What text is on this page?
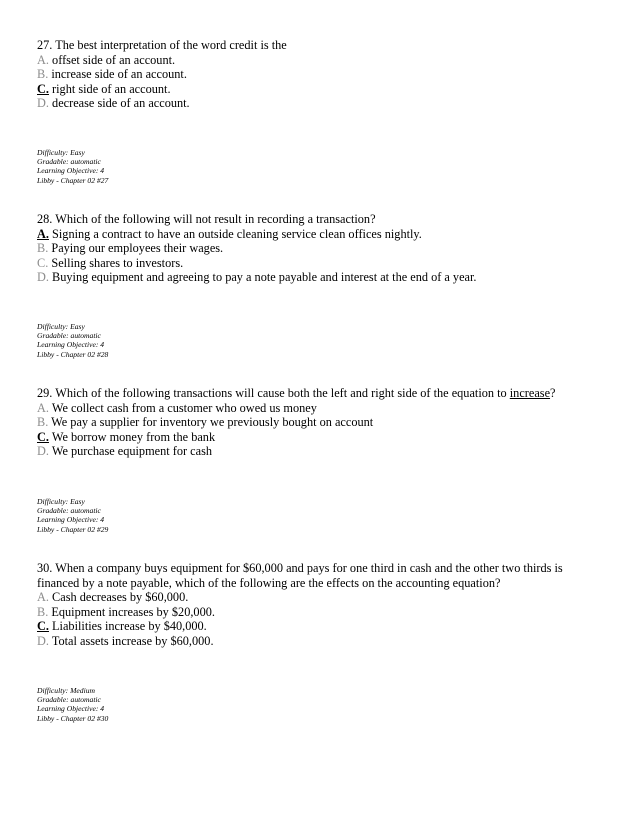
27. The best interpretation of the word credit is the

A. offset side of an account.

B. increase side of an account.

C. right side of an account.

D. decrease side of an account.

Difficulty: Easy
Gradable: automatic
Learning Objective: 4
Libby - Chapter 02 #27

28. Which of the following will not result in recording a transaction?

A. Signing a contract to have an outside cleaning service clean offices nightly.

B. Paying our employees their wages.

C. Selling shares to investors.

D. Buying equipment and agreeing to pay a note payable and interest at the end of a year.

Difficulty: Easy
Gradable: automatic
Learning Objective: 4
Libby - Chapter 02 #28

29. Which of the following transactions will cause both the left and right side of the equation to increase?

A. We collect cash from a customer who owed us money

B. We pay a supplier for inventory we previously bought on account

C. We borrow money from the bank

D. We purchase equipment for cash

Difficulty: Easy
Gradable: automatic
Learning Objective: 4
Libby - Chapter 02 #29

30. When a company buys equipment for $60,000 and pays for one third in cash and the other two thirds is

financed by a note payable, which of the following are the effects on the accounting equation?

A. Cash decreases by $60,000.

B. Equipment increases by $20,000.

C. Liabilities increase by $40,000.

D. Total assets increase by $60,000.

Difficulty: Medium
Gradable: automatic
Learning Objective: 4
Libby - Chapter 02 #30
